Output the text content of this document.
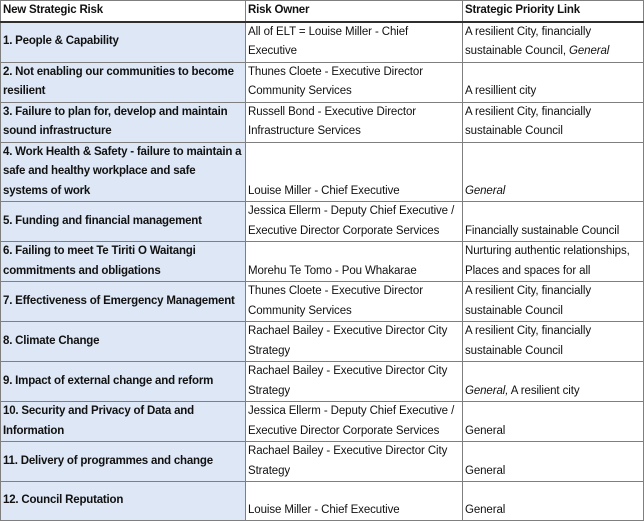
New Strategic Risk	Risk Owner	Strategic Priority Link
1. People & Capability	All of ELT = Louise Miller - Chief Executive	A resilient City, financially sustainable Council, General
2. Not enabling our communities to become resilient	Thunes Cloete - Executive Director Community Services	A resillient city
3. Failure to plan for, develop and maintain sound infrastructure	Russell Bond - Executive Director Infrastructure Services	A resilient City, financially sustainable Council
4. Work Health & Safety - failure to maintain a safe and healthy workplace and safe systems of work	Louise Miller - Chief Executive	General
5. Funding and financial management	Jessica Ellerm - Deputy Chief Executive / Executive Director Corporate Services	Financially sustainable Council
6. Failing to meet Te Tiriti O Waitangi commitments and obligations	Morehu Te Tomo - Pou Whakarae	Nurturing authentic relationships, Places and spaces for all
7. Effectiveness of Emergency Management	Thunes Cloete - Executive Director Community Services	A resilient City, financially sustainable Council
8. Climate Change	Rachael Bailey - Executive Director City Strategy	A resilient City, financially sustainable Council
9. Impact of external change and reform	Rachael Bailey - Executive Director City Strategy	General, A resilient city
10. Security and Privacy of Data and Information	Jessica Ellerm - Deputy Chief Executive / Executive Director Corporate Services	General
11. Delivery of programmes and change	Rachael Bailey - Executive Director City Strategy	General
12. Council Reputation	Louise Miller - Chief Executive	General
